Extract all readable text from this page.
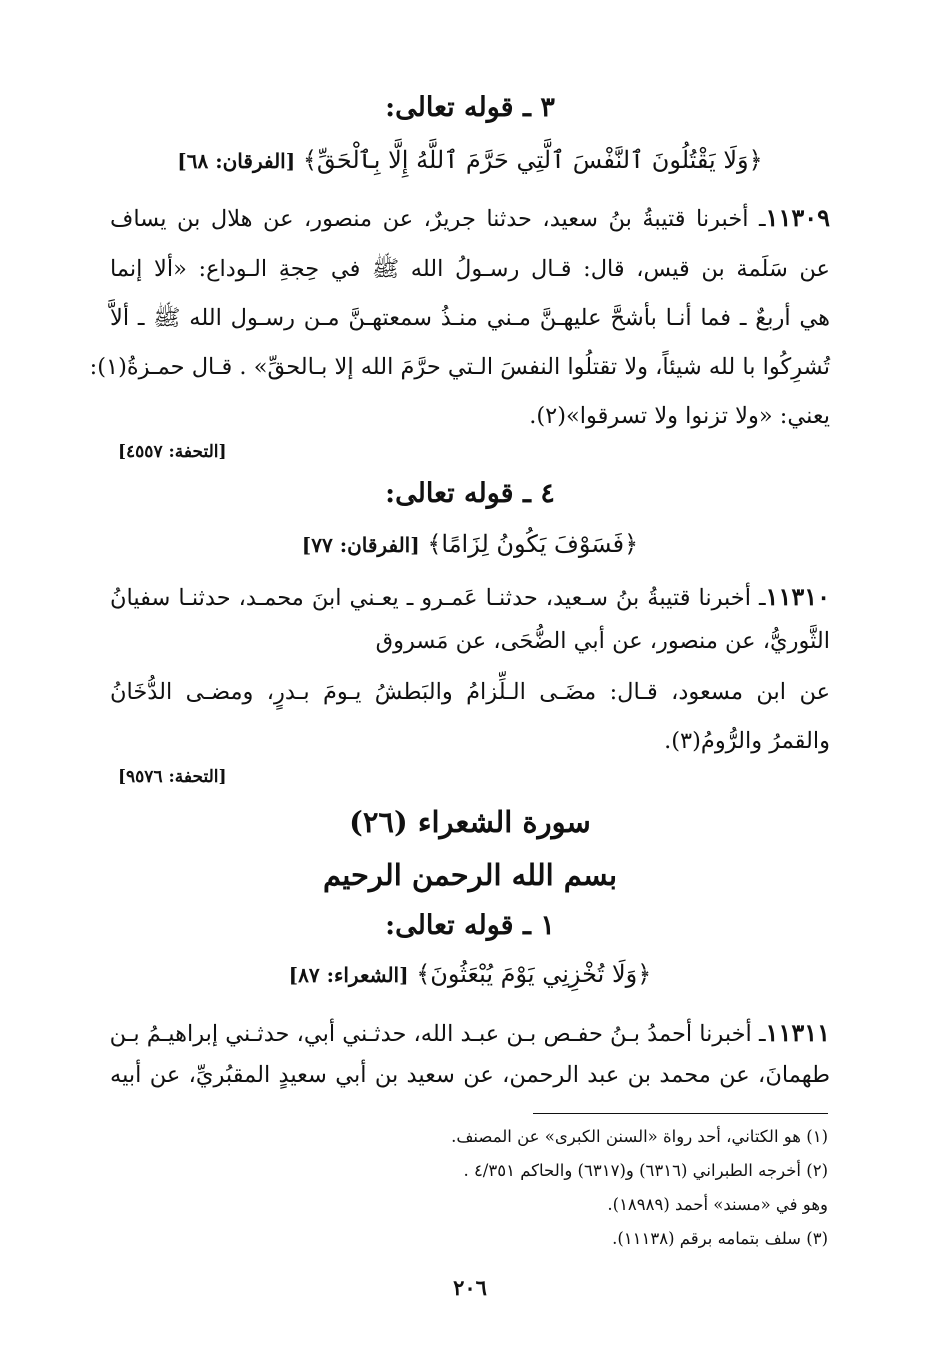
٣ ـ قوله تعالى:
﴿وَلَا يَقْتُلُونَ ٱلنَّفْسَ ٱلَّتِي حَرَّمَ ٱللَّهُ إِلَّا بِٱلْحَقِّ﴾ [الفرقان: ٦٨]
١١٣٠٩ـ أخبرنا قتيبةُ بنُ سعيد، حدثنا جريرٌ، عن منصور، عن هلال بن يساف
عن سَلَمة بن قيس، قال: قـال رسـولُ الله ﷺ في حِجةِ الـوداع: «ألا إنما
هي أربعٌ ـ فما أنـا بأشحَّ عليهـنَّ مـني منـذُ سمعتهـنَّ مـن رسـول الله ﷺ ـ ألاَّ
تُشرِكُوا با لله شيئاً، ولا تقتلُوا النفسَ الـتي حرَّمَ الله إلا بـالحقِّ» . قـال حمـزةُ(١):
يعني: «ولا تزنوا ولا تسرقوا»(٢).
[التحفة: ٤٥٥٧]
٤ ـ قوله تعالى:
﴿فَسَوْفَ يَكُونُ لِزَامًا﴾ [الفرقان: ٧٧]
١١٣١٠ـ أخبرنا قتيبةُ بنُ سـعيد، حدثنـا عَمـرو ـ يعـني ابنَ محمـد، حدثنـا سفيانُ
الثَّوريُّ، عن منصور، عن أبي الضُّحَى، عن مَسروق
عن ابن مسعود، قـال: مضَـى الـلِّزامُ والبَطشُ يـومَ بـدرٍ، ومضـى الدُّخَانُ
والقمرُ والرُّومُ(٣).
[التحفة: ٩٥٧٦]
سورة الشعراء (٢٦)
بسم الله الرحمن الرحيم
١ ـ قوله تعالى:
﴿وَلَا تُخْزِنِي يَوْمَ يُبْعَثُونَ﴾ [الشعراء: ٨٧]
١١٣١١ـ أخبرنا أحمدُ بـنُ حفـص بـن عبـد الله، حدثـني أبي، حدثـني إبراهيـمُ بـن
طهمانَ، عن محمد بن عبد الرحمن، عن سعيد بن أبي سعيدٍ المقبُريِّ، عن أبيه
(١) هو الكتاني، أحد رواة «السنن الكبرى» عن المصنف.
(٢) أخرجه الطبراني (٦٣١٦) و(٦٣١٧) والحاكم ٤/٣٥١ .
وهو في «مسند» أحمد (١٨٩٨٩).
(٣) سلف بتمامه برقم (١١١٣٨).
٢٠٦
